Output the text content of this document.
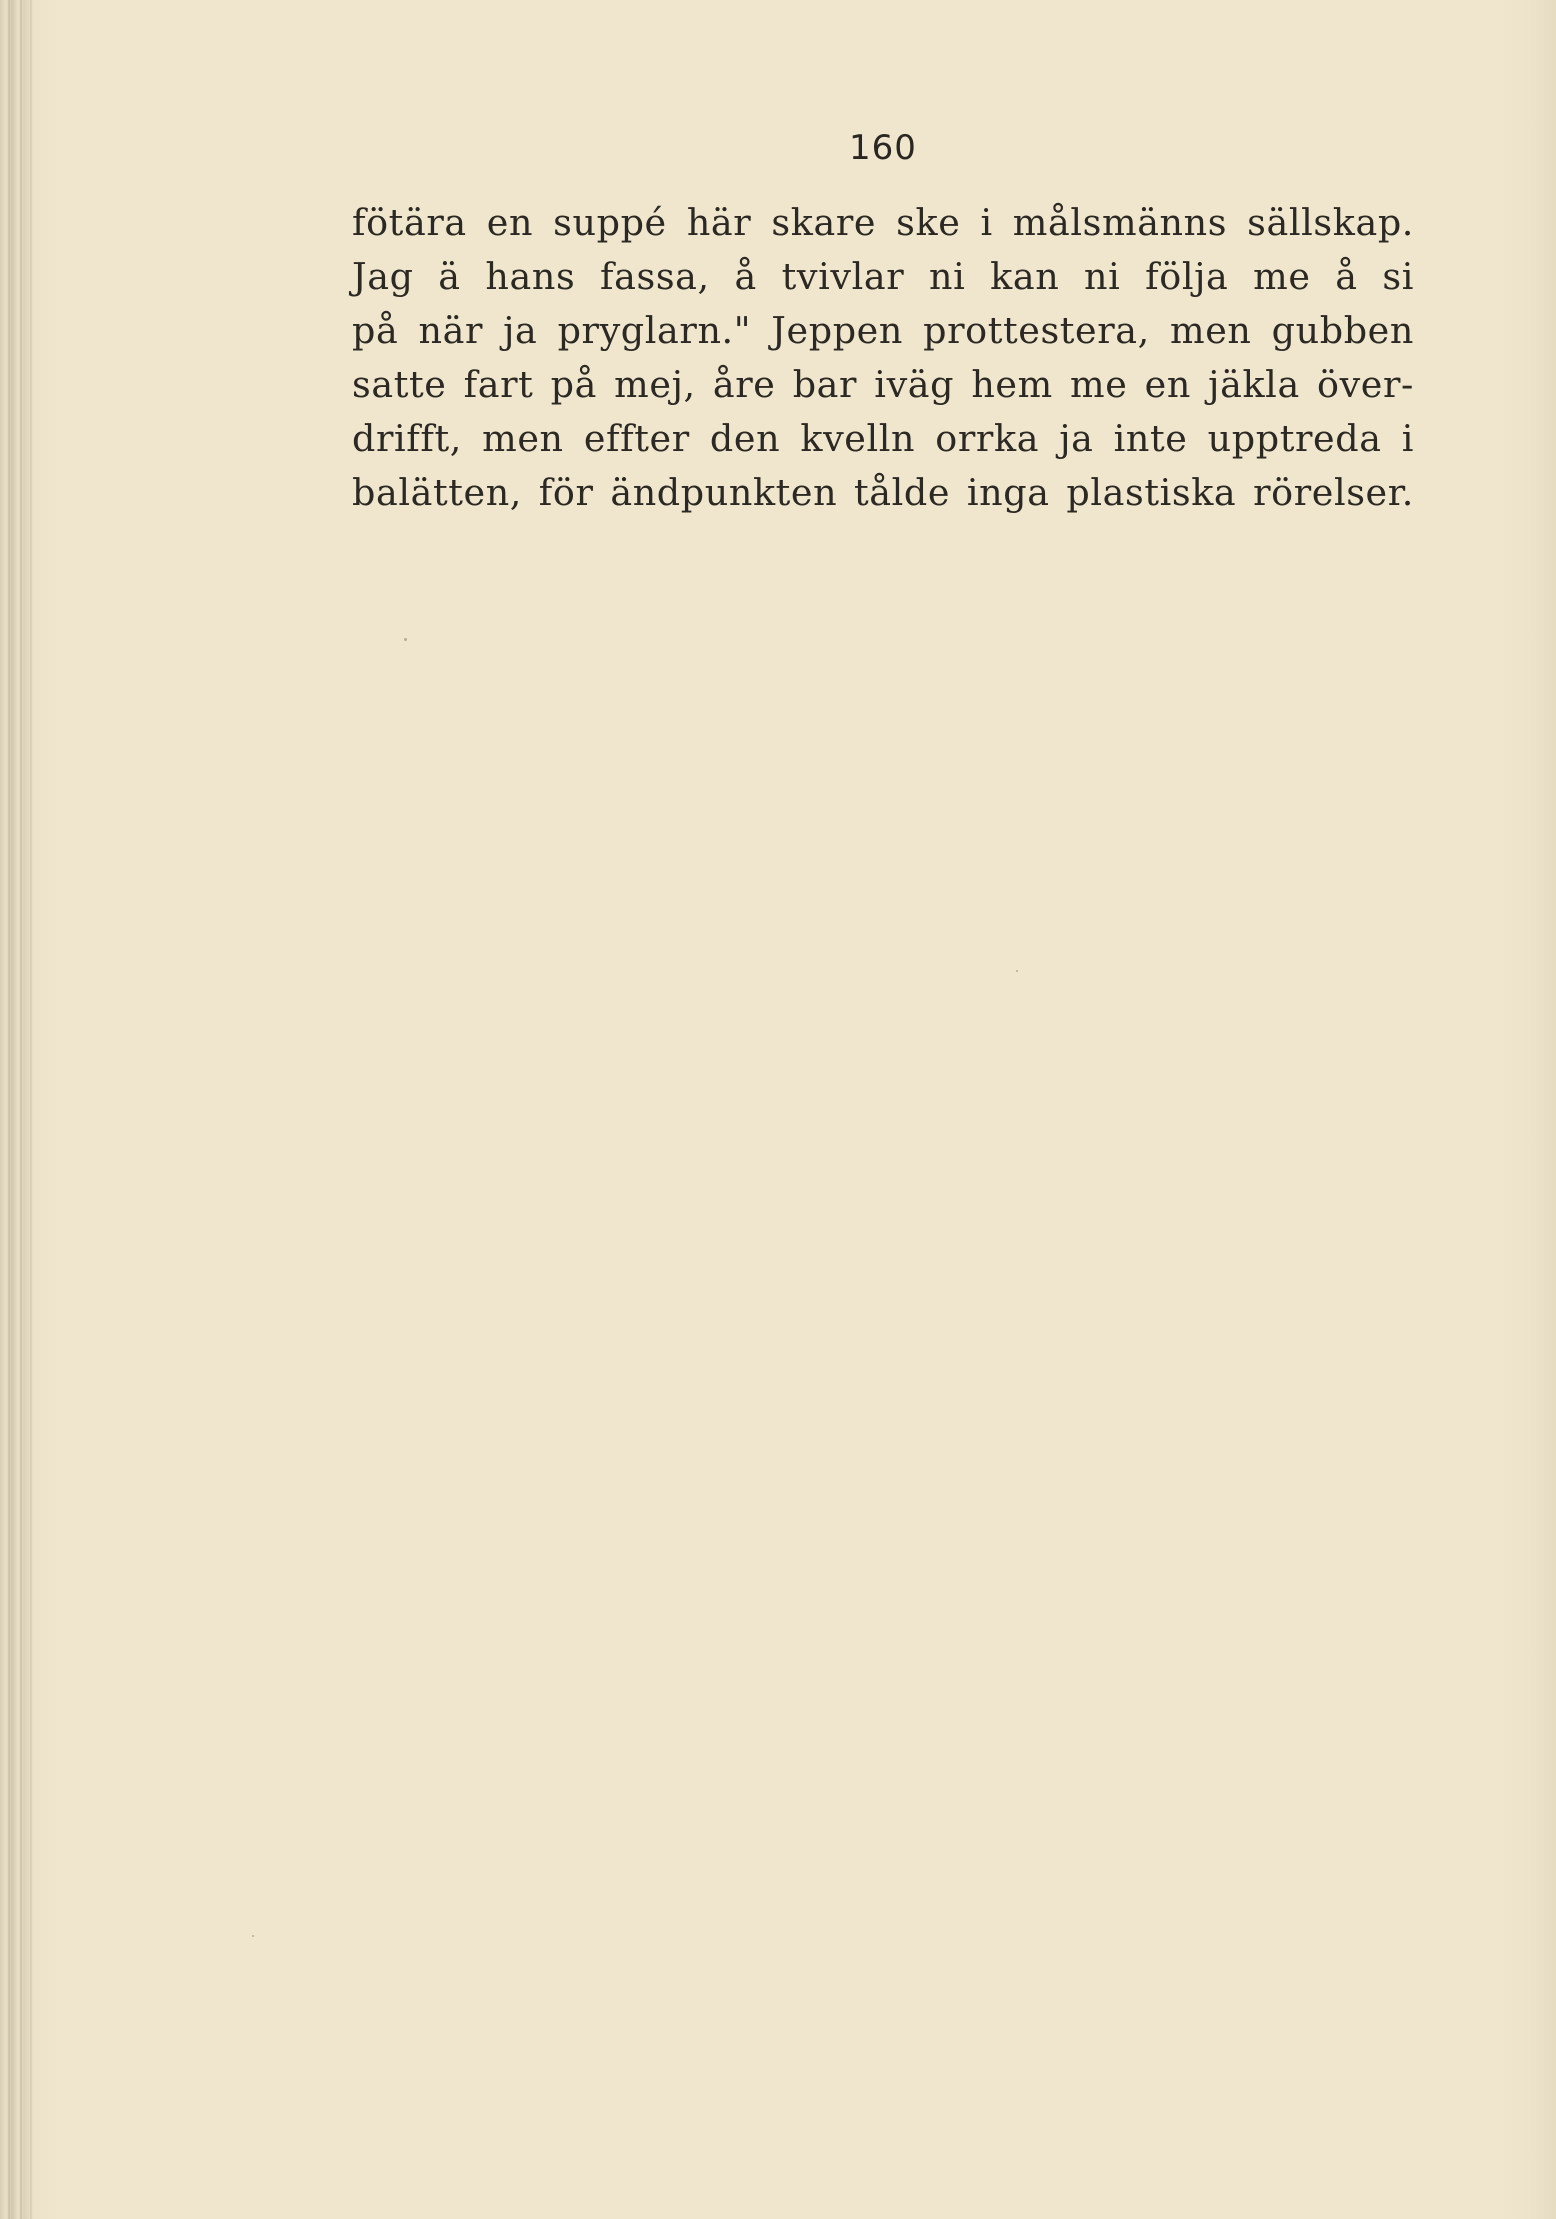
160
fötära en suppé här skare ske i målsmänns sällskap.
Jag ä hans fassa, å tvivlar ni kan ni följa me å si
på när ja pryglarn." Jeppen prottestera, men gubben
satte fart på mej, åre bar iväg hem me en jäkla över-
drifft, men effter den kvelln orrka ja inte upptreda i
balätten, för ändpunkten tålde inga plastiska rörelser.
